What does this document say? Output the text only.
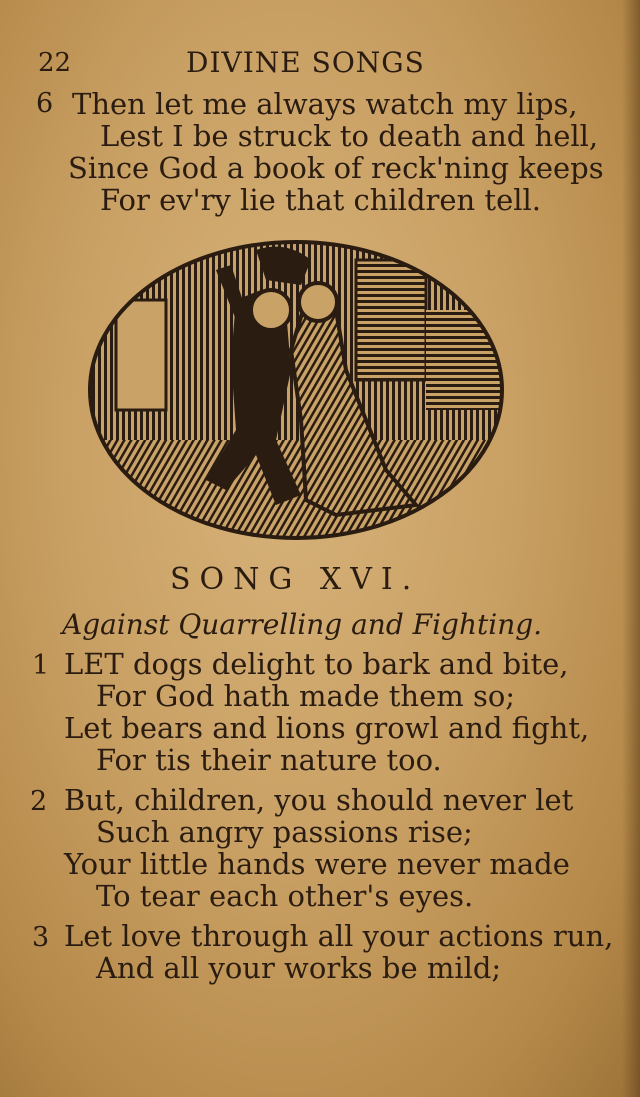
22	DIVINE SONGS
6 Then let me always watch my lips,
Lest I be struck to death and hell,
Since God a book of reck'ning keeps
For ev'ry lie that children tell.
SONG XVI.
Against Quarrelling and Fighting.
1 LET dogs delight to bark and bite,
For God hath made them so;
Let bears and lions growl and fight,
For tis their nature too.
2 But, children, you should never let
Such angry passions rise;
Your little hands were never made
To tear each other's eyes.
3 Let love through all your actions run,
And all your works be mild;
